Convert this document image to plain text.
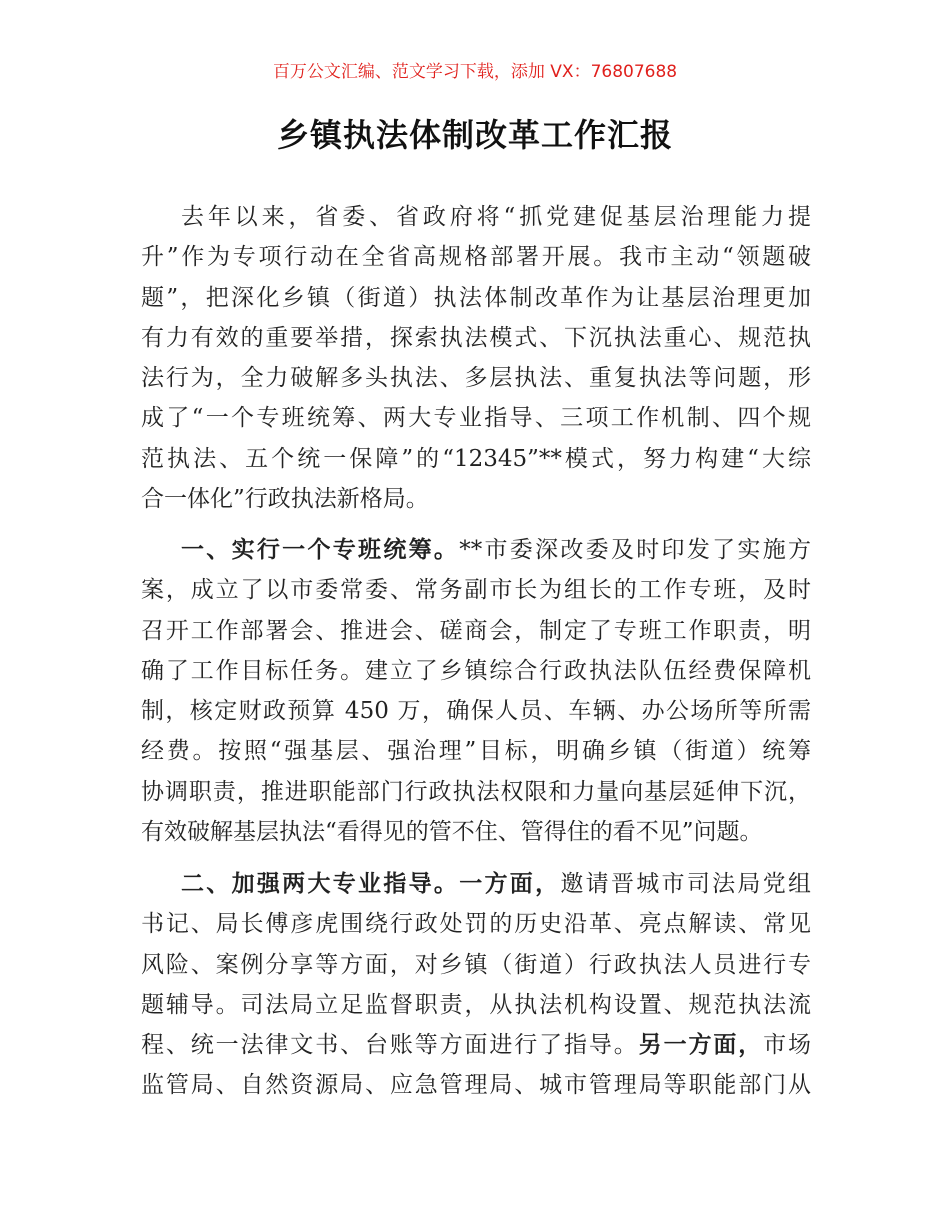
百万公文汇编、范文学习下载，添加 VX：76807688
乡镇执法体制改革工作汇报
去年以来，省委、省政府将“抓党建促基层治理能力提
升”作为专项行动在全省高规格部署开展。我市主动“领题破
题”，把深化乡镇（街道）执法体制改革作为让基层治理更加
有力有效的重要举措，探索执法模式、下沉执法重心、规范执
法行为，全力破解多头执法、多层执法、重复执法等问题，形
成了“一个专班统筹、两大专业指导、三项工作机制、四个规
范执法、五个统一保障”的“12345”**模式，努力构建“大综
合一体化”行政执法新格局。
一、实行一个专班统筹。**市委深改委及时印发了实施方
案，成立了以市委常委、常务副市长为组长的工作专班，及时
召开工作部署会、推进会、磋商会，制定了专班工作职责，明
确了工作目标任务。建立了乡镇综合行政执法队伍经费保障机
制，核定财政预算 450 万，确保人员、车辆、办公场所等所需
经费。按照“强基层、强治理”目标，明确乡镇（街道）统筹
协调职责，推进职能部门行政执法权限和力量向基层延伸下沉，
有效破解基层执法“看得见的管不住、管得住的看不见”问题。
二、加强两大专业指导。一方面，邀请晋城市司法局党组
书记、局长傅彦虎围绕行政处罚的历史沿革、亮点解读、常见
风险、案例分享等方面，对乡镇（街道）行政执法人员进行专
题辅导。司法局立足监督职责，从执法机构设置、规范执法流
程、统一法律文书、台账等方面进行了指导。另一方面，市场
监管局、自然资源局、应急管理局、城市管理局等职能部门从
